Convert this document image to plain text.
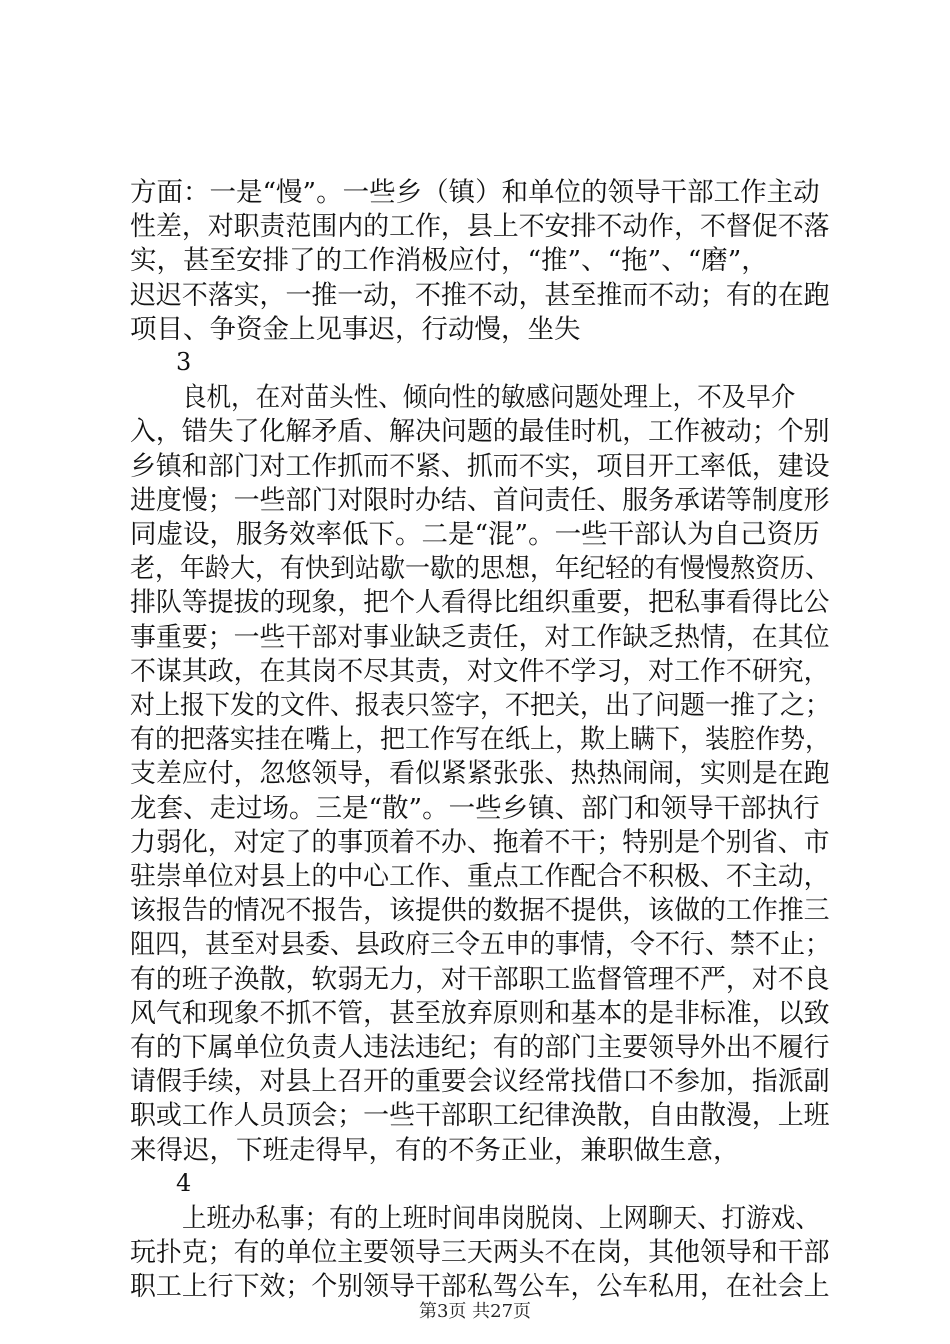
方面：一是“慢”。一些乡（镇）和单位的领导干部工作主动
性差，对职责范围内的工作，县上不安排不动作，不督促不落
实，甚至安排了的工作消极应付，“推”、“拖”、“磨”，
迟迟不落实，一推一动，不推不动，甚至推而不动；有的在跑
项目、争资金上见事迟，行动慢，坐失
3
良机，在对苗头性、倾向性的敏感问题处理上，不及早介
入，错失了化解矛盾、解决问题的最佳时机，工作被动；个别
乡镇和部门对工作抓而不紧、抓而不实，项目开工率低，建设
进度慢；一些部门对限时办结、首问责任、服务承诺等制度形
同虚设，服务效率低下。二是“混”。一些干部认为自己资历
老，年龄大，有快到站歇一歇的思想，年纪轻的有慢慢熬资历、
排队等提拔的现象，把个人看得比组织重要，把私事看得比公
事重要；一些干部对事业缺乏责任，对工作缺乏热情，在其位
不谋其政，在其岗不尽其责，对文件不学习，对工作不研究，
对上报下发的文件、报表只签字，不把关，出了问题一推了之；
有的把落实挂在嘴上，把工作写在纸上，欺上瞒下，装腔作势，
支差应付，忽悠领导，看似紧紧张张、热热闹闹，实则是在跑
龙套、走过场。三是“散”。一些乡镇、部门和领导干部执行
力弱化，对定了的事顶着不办、拖着不干；特别是个别省、市
驻崇单位对县上的中心工作、重点工作配合不积极、不主动，
该报告的情况不报告，该提供的数据不提供，该做的工作推三
阻四，甚至对县委、县政府三令五申的事情，令不行、禁不止；
有的班子涣散，软弱无力，对干部职工监督管理不严，对不良
风气和现象不抓不管，甚至放弃原则和基本的是非标准，以致
有的下属单位负责人违法违纪；有的部门主要领导外出不履行
请假手续，对县上召开的重要会议经常找借口不参加，指派副
职或工作人员顶会；一些干部职工纪律涣散，自由散漫，上班
来得迟，下班走得早，有的不务正业，兼职做生意，
4
上班办私事；有的上班时间串岗脱岗、上网聊天、打游戏、
玩扑克；有的单位主要领导三天两头不在岗，其他领导和干部
职工上行下效；个别领导干部私驾公车，公车私用，在社会上
第3页 共27页
